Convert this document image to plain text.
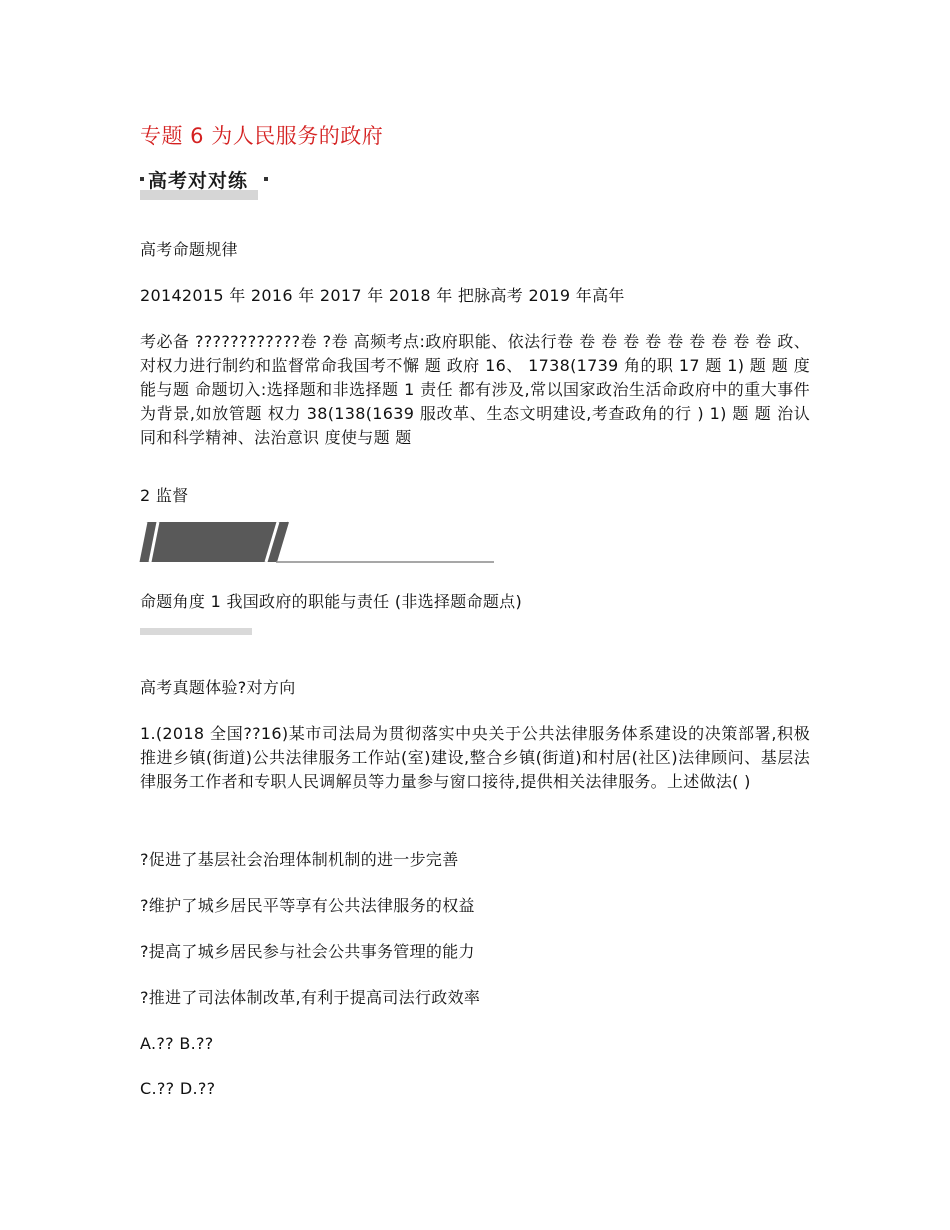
专题 6 为人民服务的政府
高考对对练
高考命题规律
20142015 年 2016 年 2017 年 2018 年 把脉高考 2019 年高年
考必备 ????????????卷 ?卷 高频考点:政府职能、依法行卷 卷 卷 卷 卷 卷 卷 卷 卷 卷 政、对权力进行制约和监督常命我国考不懈 题 政府 16、 1738(1739 角的职 17 题 1) 题 题 度能与题 命题切入:选择题和非选择题 1 责任 都有涉及,常以国家政治生活命政府中的重大事件为背景,如放管题 权力 38(138(1639 服改革、生态文明建设,考查政角的行 ) 1) 题 题 治认同和科学精神、法治意识 度使与题 题
2 监督
命题角度 1 我国政府的职能与责任 (非选择题命题点)
高考真题体验?对方向
1.(2018 全国??16)某市司法局为贯彻落实中央关于公共法律服务体系建设的决策部署,积极推进乡镇(街道)公共法律服务工作站(室)建设,整合乡镇(街道)和村居(社区)法律顾问、基层法律服务工作者和专职人民调解员等力量参与窗口接待,提供相关法律服务。上述做法( )
?促进了基层社会治理体制机制的进一步完善
?维护了城乡居民平等享有公共法律服务的权益
?提高了城乡居民参与社会公共事务管理的能力
?推进了司法体制改革,有利于提高司法行政效率
A.?? B.??
C.?? D.??
